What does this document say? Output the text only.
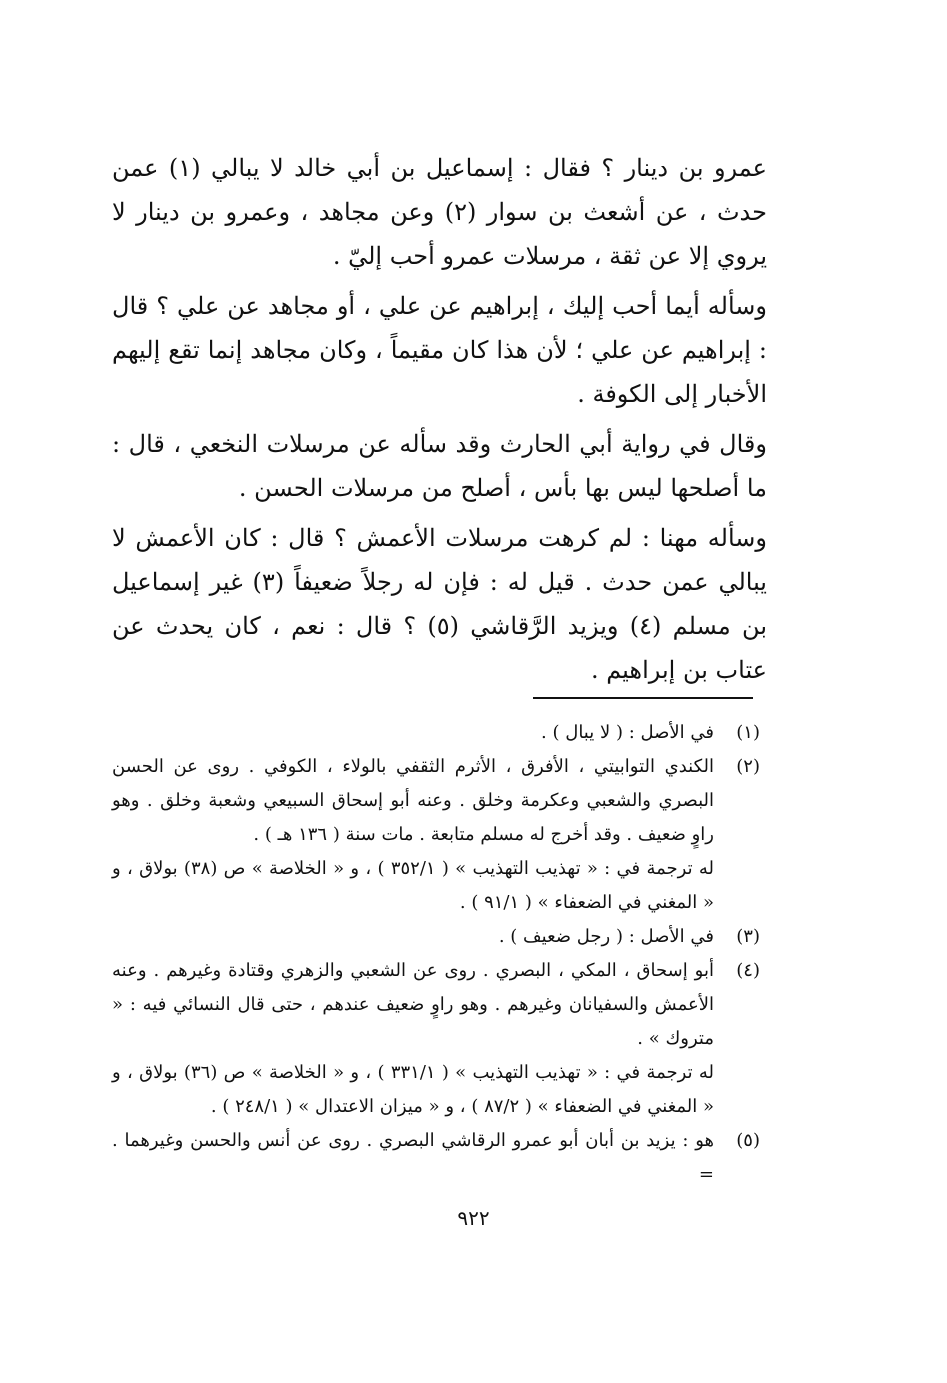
عمرو بن دينار ؟ فقال : إسماعيل بن أبي خالد لا يبالي (١) عمن حدث ، عن أشعث بن سوار (٢) وعن مجاهد ، وعمرو بن دينار لا يروي إلا عن ثقة ، مرسلات عمرو أحب إليّ .

وسأله أيما أحب إليك ، إبراهيم عن علي ، أو مجاهد عن علي ؟ قال : إبراهيم عن علي ؛ لأن هذا كان مقيماً ، وكان مجاهد إنما تقع إليهم الأخبار إلى الكوفة .

وقال في رواية أبي الحارث وقد سأله عن مرسلات النخعي ، قال : ما أصلحها ليس بها بأس ، أصلح من مرسلات الحسن .

وسأله مهنا : لم كرهت مرسلات الأعمش ؟ قال : كان الأعمش لا يبالي عمن حدث . قيل له : فإن له رجلاً ضعيفاً (٣) غير إسماعيل بن مسلم (٤) ويزيد الرَّقاشي (٥) ؟ قال : نعم ، كان يحدث عن عتاب بن إبراهيم .

(١)
في الأصل : ( لا يبال ) .
(٢)
الكندي التوابيتي ، الأفرق ، الأثرم الثقفي بالولاء ، الكوفي . روى عن الحسن البصري والشعبي وعكرمة وخلق . وعنه أبو إسحاق السبيعي وشعبة وخلق . وهو راوٍ ضعيف . وقد أخرج له مسلم متابعة . مات سنة ( ١٣٦ هـ ) .
له ترجمة في : « تهذيب التهذيب » ( ٣٥٢/١ ) ، و « الخلاصة » ص (٣٨) بولاق ، و « المغني في الضعفاء » ( ٩١/١ ) .
(٣)
في الأصل : ( رجل ضعيف ) .
(٤)
أبو إسحاق ، المكي ، البصري . روى عن الشعبي والزهري وقتادة وغيرهم . وعنه الأعمش والسفيانان وغيرهم . وهو راوٍ ضعيف عندهم ، حتى قال النسائي فيه : « متروك » .
له ترجمة في : « تهذيب التهذيب » ( ٣٣١/١ ) ، و « الخلاصة » ص (٣٦) بولاق ، و « المغني في الضعفاء » ( ٨٧/٢ ) ، و « ميزان الاعتدال » ( ٢٤٨/١ ) .
(٥)
هو : يزيد بن أبان أبو عمرو الرقاشي البصري . روى عن أنس والحسن وغيرهما . =
٩٢٢
